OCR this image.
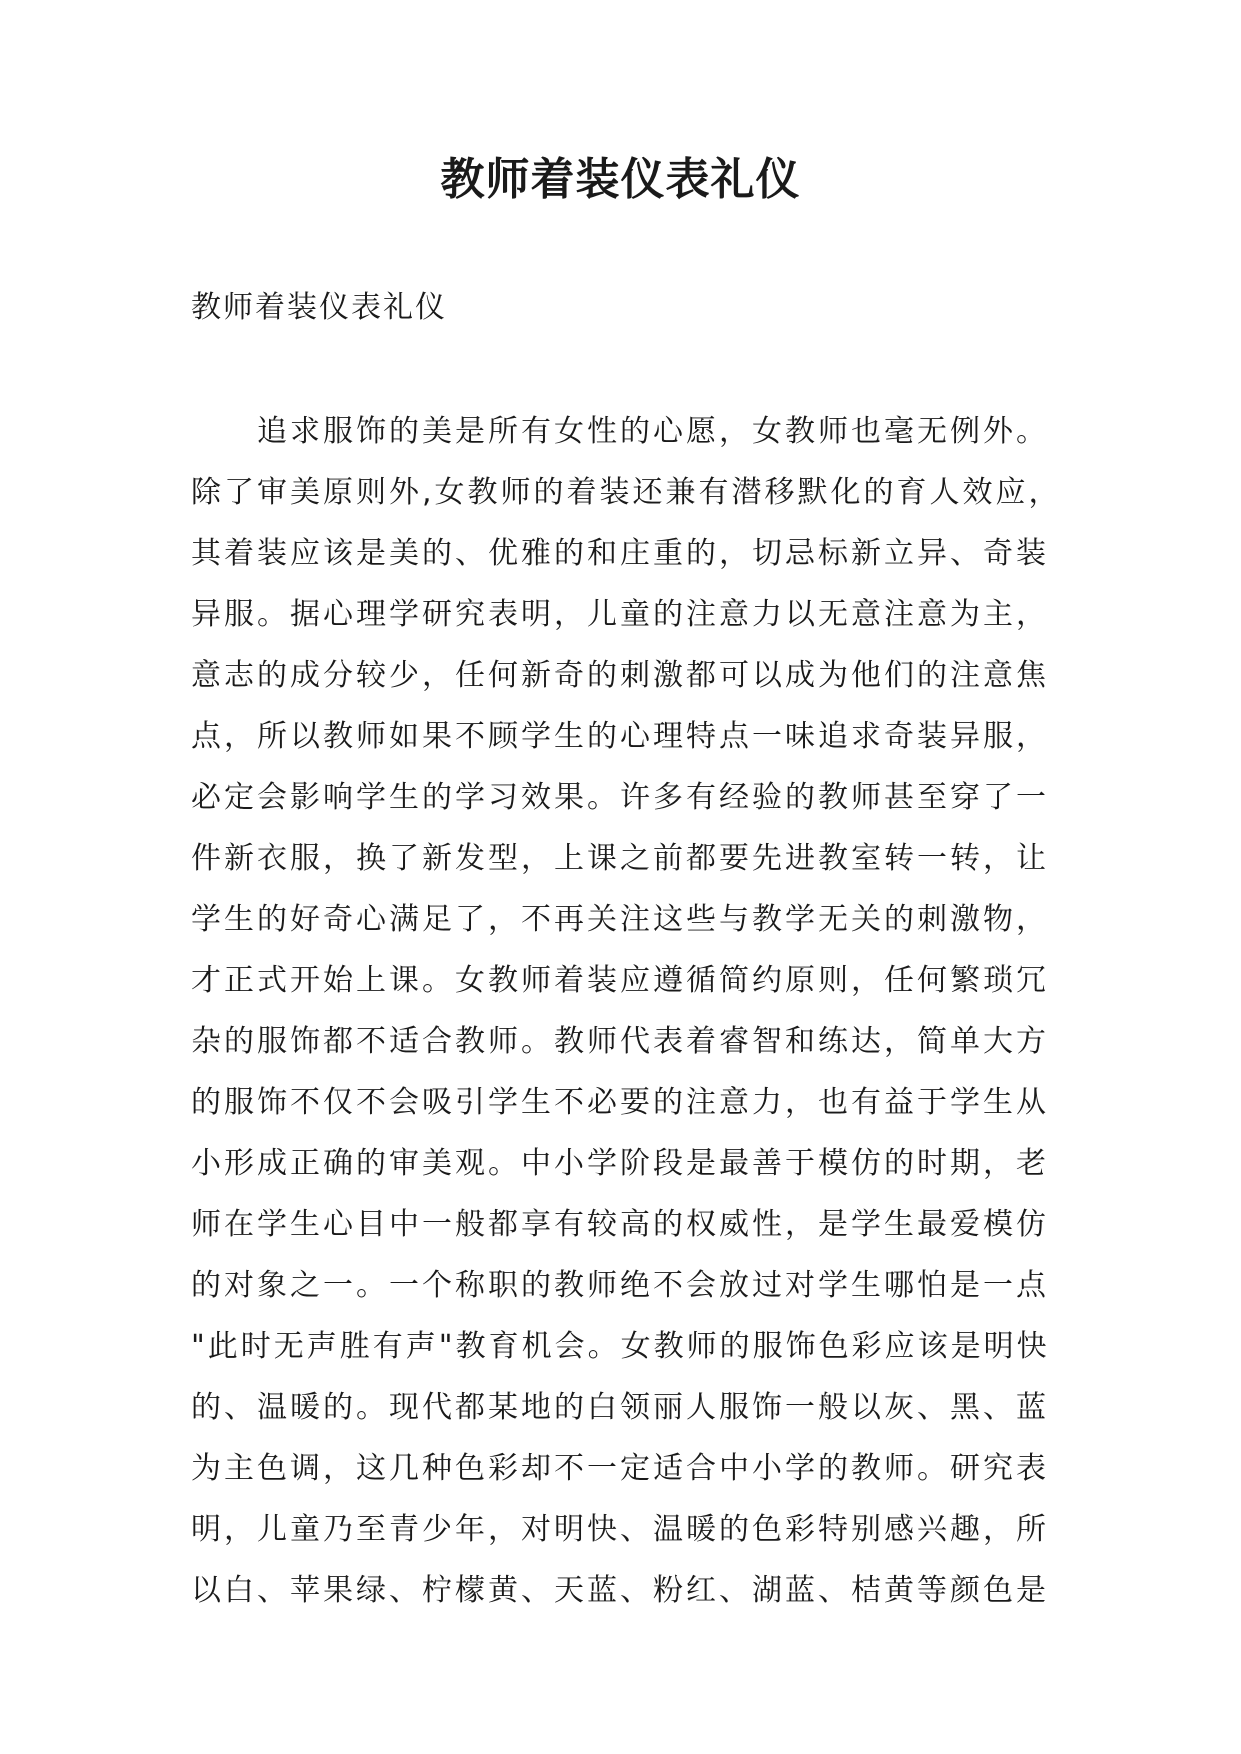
教师着装仪表礼仪
教师着装仪表礼仪
追求服饰的美是所有女性的心愿，女教师也毫无例外。
除了审美原则外,女教师的着装还兼有潜移默化的育人效应，
其着装应该是美的、优雅的和庄重的，切忌标新立异、奇装
异服。据心理学研究表明，儿童的注意力以无意注意为主，
意志的成分较少，任何新奇的刺激都可以成为他们的注意焦
点，所以教师如果不顾学生的心理特点一味追求奇装异服，
必定会影响学生的学习效果。许多有经验的教师甚至穿了一
件新衣服，换了新发型，上课之前都要先进教室转一转，让
学生的好奇心满足了，不再关注这些与教学无关的刺激物，
才正式开始上课。女教师着装应遵循简约原则，任何繁琐冗
杂的服饰都不适合教师。教师代表着睿智和练达，简单大方
的服饰不仅不会吸引学生不必要的注意力，也有益于学生从
小形成正确的审美观。中小学阶段是最善于模仿的时期，老
师在学生心目中一般都享有较高的权威性，是学生最爱模仿
的对象之一。一个称职的教师绝不会放过对学生哪怕是一点
"此时无声胜有声"教育机会。女教师的服饰色彩应该是明快
的、温暖的。现代都某地的白领丽人服饰一般以灰、黑、蓝
为主色调，这几种色彩却不一定适合中小学的教师。研究表
明，儿童乃至青少年，对明快、温暖的色彩特别感兴趣，所
以白、苹果绿、柠檬黄、天蓝、粉红、湖蓝、桔黄等颜色是
